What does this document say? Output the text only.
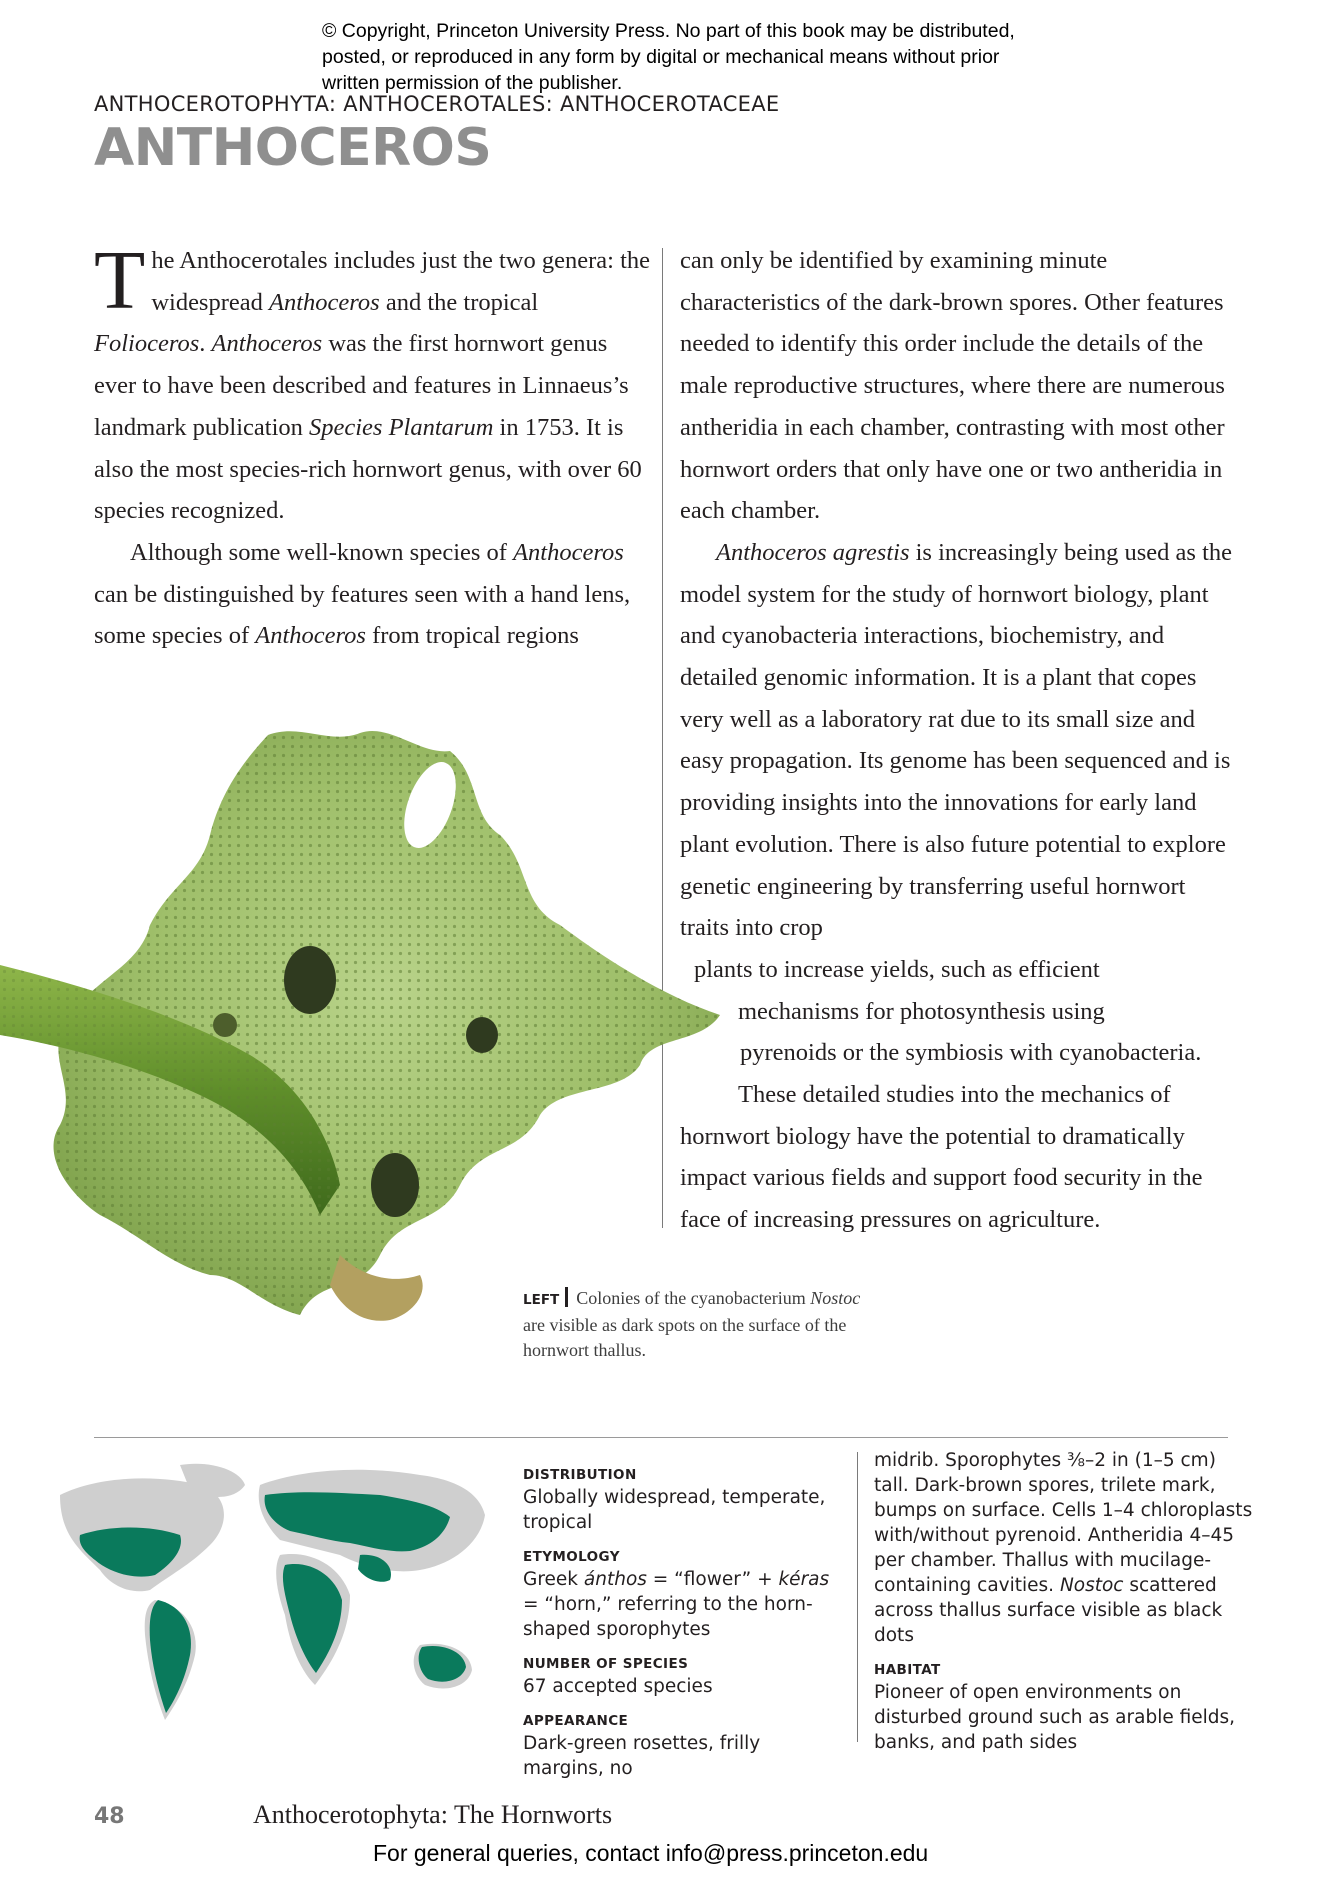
© Copyright, Princeton University Press. No part of this book may be distributed, posted, or reproduced in any form by digital or mechanical means without prior written permission of the publisher.
ANTHOCEROTOPHYTA: ANTHOCEROTALES: ANTHOCEROTACEAE
ANTHOCEROS

The Anthocerotales includes just the two genera: the widespread Anthoceros and the tropical Folioceros. Anthoceros was the first hornwort genus ever to have been described and features in Linnaeus’s landmark publication Species Plantarum in 1753. It is also the most species-rich hornwort genus, with over 60 species recognized.

Although some well-known species of Anthoceros can be distinguished by features seen with a hand lens, some species of Anthoceros from tropical regions

can only be identified by examining minute characteristics of the dark-brown spores. Other features needed to identify this order include the details of the male reproductive structures, where there are numerous antheridia in each chamber, contrasting with most other hornwort orders that only have one or two antheridia in each chamber.

Anthoceros agrestis is increasingly being used as the model system for the study of hornwort biology, plant and cyanobacteria interactions, biochemistry, and detailed genomic information. It is a plant that copes very well as a laboratory rat due to its small size and easy propagation. Its genome has been sequenced and is providing insights into the innovations for early land plant evolution. There is also future potential to explore genetic engineering by transferring useful hornwort traits into crop

plants to increase yields, such as efficient

mechanisms for photosynthesis using

pyrenoids or the symbiosis with cyanobacteria.

These detailed studies into the mechanics of hornwort biology have the potential to dramatically impact various fields and support food security in the face of increasing pressures on agriculture.

LEFT Colonies of the cyanobacterium Nostoc are visible as dark spots on the surface of the hornwort thallus.
DISTRIBUTION

Globally widespread, temperate, tropical

ETYMOLOGY

Greek ánthos = “flower” + kéras = “horn,” referring to the horn-shaped sporophytes

NUMBER OF SPECIES

67 accepted species

APPEARANCE

Dark-green rosettes, frilly margins, no

midrib. Sporophytes ⅜–2 in (1–5 cm) tall. Dark-brown spores, trilete mark, bumps on surface. Cells 1–4 chloroplasts with/without pyrenoid. Antheridia 4–45 per chamber. Thallus with mucilage-containing cavities. Nostoc scattered across thallus surface visible as black dots

HABITAT

Pioneer of open environments on disturbed ground such as arable fields, banks, and path sides

48	Anthocerotophyta: The Hornworts
For general queries, contact info@press.princeton.edu
